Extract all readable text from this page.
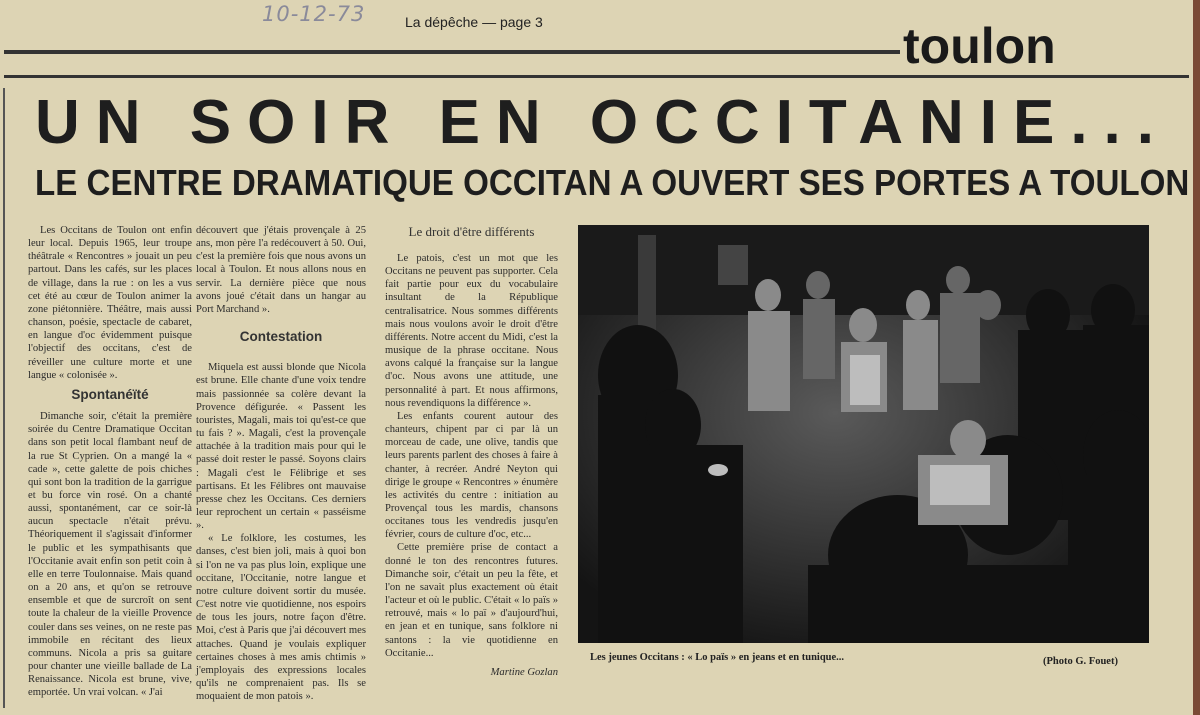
10-12-73	La dépêche — page 3	toulon
UN SOIR EN OCCITANIE...
LE CENTRE DRAMATIQUE OCCITAN A OUVERT SES PORTES A TOULON

Les Occitans de Toulon ont enfin leur local. Depuis 1965, leur troupe théâtrale « Rencontres » jouait un peu partout. Dans les cafés, sur les places de village, dans la rue : on les a vus cet été au cœur de Toulon animer la zone piétonnière. Théâtre, mais aussi chanson, poésie, spectacle de cabaret, en langue d'oc évidemment puisque l'objectif des occitans, c'est de réveiller une culture morte et une langue « colonisée ».

Spontanéïté

Dimanche soir, c'était la première soirée du Centre Dramatique Occitan dans son petit local flambant neuf de la rue St Cyprien. On a mangé la « cade », cette galette de pois chiches qui sont bon la tradition de la garrigue et bu force vin rosé. On a chanté aussi, spontanément, car ce soir-là aucun spectacle n'était prévu. Théoriquement il s'agissait d'informer le public et les sympathisants que l'Occitanie avait enfin son petit coin à elle en terre Toulonnaise. Mais quand on a 20 ans, et qu'on se retrouve ensemble et que de surcroît on sent toute la chaleur de la vieille Provence couler dans ses veines, on ne reste pas immobile en récitant des lieux communs. Nicola a pris sa guitare pour chanter une vieille ballade de La Renaissance. Nicola est brune, vive, emportée. Un vrai volcan. « J'ai

découvert que j'étais provençale à 25 ans, mon père l'a redécouvert à 50. Oui, c'est la première fois que nous avons un local à Toulon. Et nous allons nous en servir. La dernière pièce que nous avons joué c'était dans un hangar au Port Marchand ».

Contestation

Miquela est aussi blonde que Nicola est brune. Elle chante d'une voix tendre mais passionnée sa colère devant la Provence défigurée. « Passent les touristes, Magali, mais toi qu'est-ce que tu fais ? ». Magali, c'est la provençale attachée à la tradition mais pour qui le passé doit rester le passé. Soyons clairs : Magali c'est le Félibrige et ses partisans. Et les Félibres ont mauvaise presse chez les Occitans. Ces derniers leur reprochent un certain « passéisme ».

« Le folklore, les costumes, les danses, c'est bien joli, mais à quoi bon si l'on ne va pas plus loin, explique une occitane, l'Occitanie, notre langue et notre culture doivent sortir du musée. C'est notre vie quotidienne, nos espoirs de tous les jours, notre façon d'être. Moi, c'est à Paris que j'ai découvert mes attaches. Quand je voulais expliquer certaines choses à mes amis chtimis » j'employais des expressions locales qu'ils ne comprenaient pas. Ils se moquaient de mon patois ».

Le droit d'être différents

Le patois, c'est un mot que les Occitans ne peuvent pas supporter. Cela fait partie pour eux du vocabulaire insultant de la République centralisatrice. Nous sommes différents mais nous voulons avoir le droit d'être différents. Notre accent du Midi, c'est la musique de la phrase occitane. Nous avons calqué la française sur la langue d'oc. Nous avons une attitude, une personnalité à part. Et nous affirmons, nous revendiquons la différence ».

Les enfants courent autour des chanteurs, chipent par ci par là un morceau de cade, une olive, tandis que leurs parents parlent des choses à faire à chanter, à recréer. André Neyton qui dirige le groupe « Rencontres » énumère les activités du centre : initiation au Provençal tous les mardis, chansons occitanes tous les vendredis jusqu'en février, cours de culture d'oc, etc...

Cette première prise de contact a donné le ton des rencontres futures. Dimanche soir, c'était un peu la fête, et l'on ne savait plus exactement où était l'acteur et où le public. C'était « lo païs » retrouvé, mais « lo paï » d'aujourd'hui, en jean et en tunique, sans folklore ni santons : la vie quotidienne en Occitanie...

Martine Gozlan
Les jeunes Occitans : « Lo païs » en jeans et en tunique...	(Photo G. Fouet)
